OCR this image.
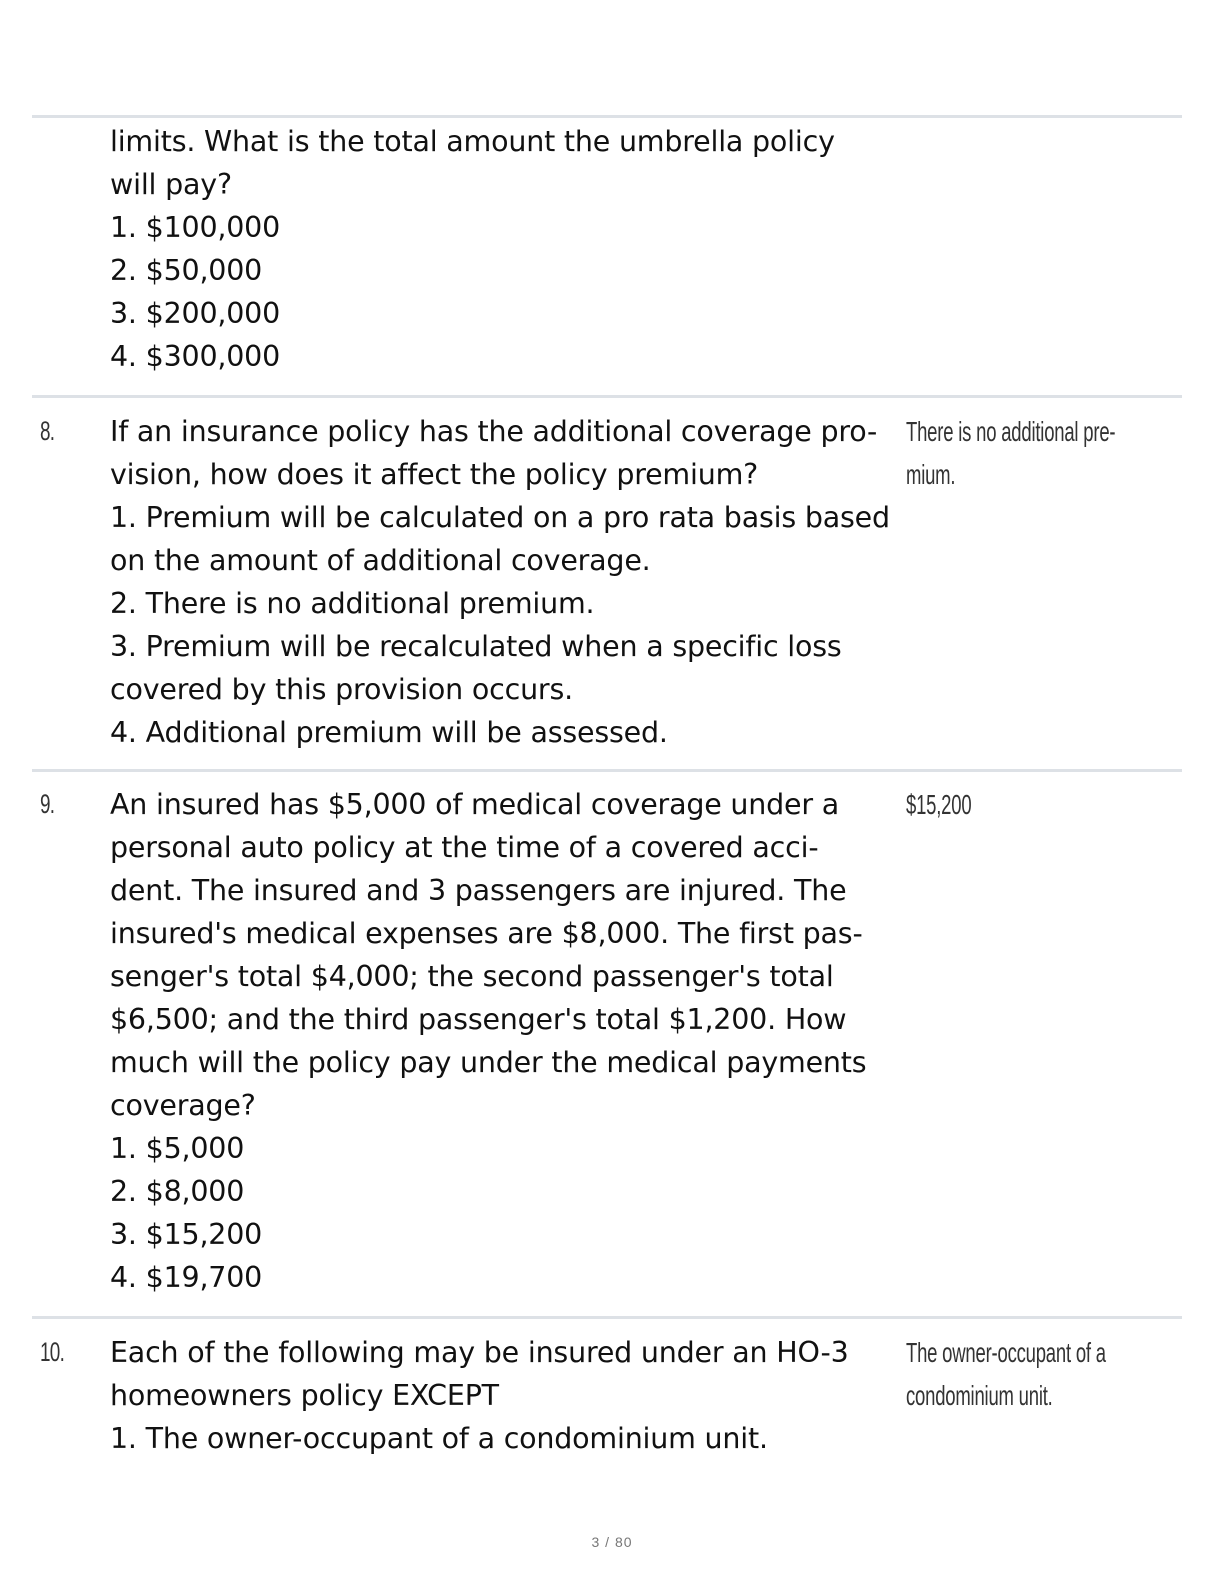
limits. What is the total amount the umbrella policy
will pay?
1. $100,000
2. $50,000
3. $200,000
4. $300,000
8. If an insurance policy has the additional coverage pro-
vision, how does it affect the policy premium?
1. Premium will be calculated on a pro rata basis based
on the amount of additional coverage.
2. There is no additional premium.
3. Premium will be recalculated when a specific loss
covered by this provision occurs.
4. Additional premium will be assessed.
There is no additional pre-
mium.
9. An insured has $5,000 of medical coverage under a
personal auto policy at the time of a covered acci-
dent. The insured and 3 passengers are injured. The
insured's medical expenses are $8,000. The first pas-
senger's total $4,000; the second passenger's total
$6,500; and the third passenger's total $1,200. How
much will the policy pay under the medical payments
coverage?
1. $5,000
2. $8,000
3. $15,200
4. $19,700
$15,200
10. Each of the following may be insured under an HO-3
homeowners policy EXCEPT
1. The owner-occupant of a condominium unit.
The owner-occupant of a
condominium unit.
3 / 80
